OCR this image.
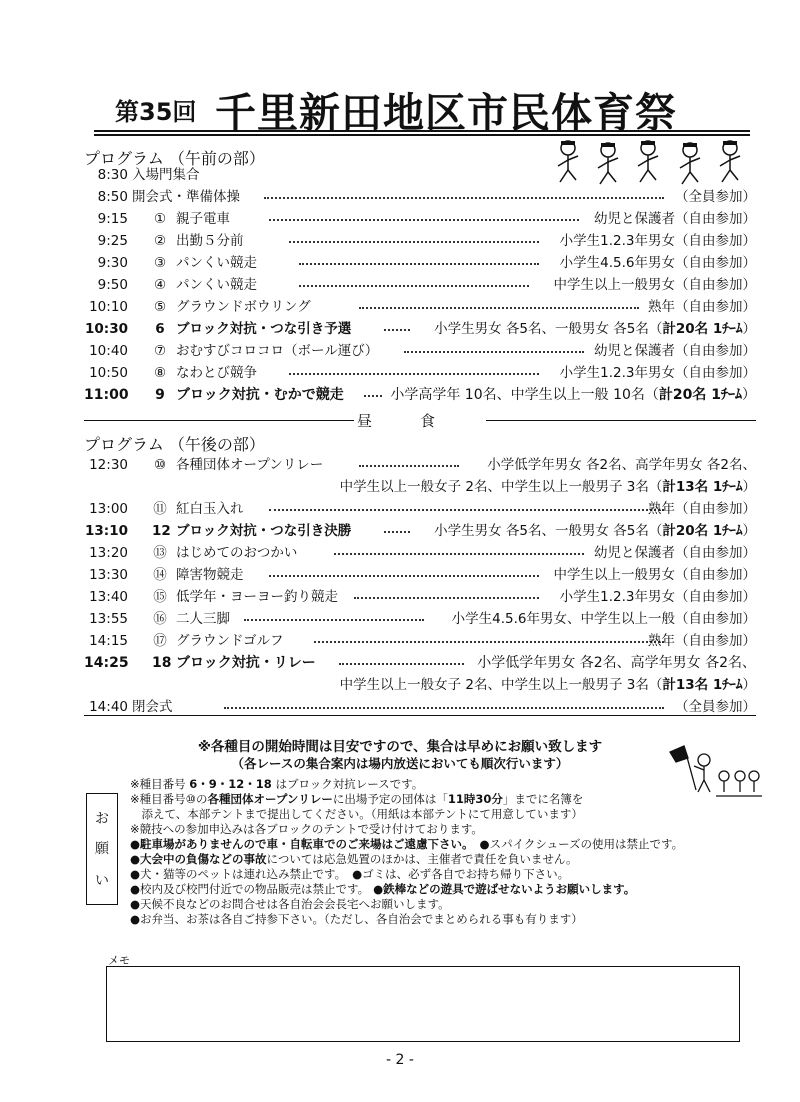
第35回 千里新田地区市民体育祭
プログラム （午前の部）
8:30 入場門集合
8:50 開会式・準備体操	（全員参加）
9:15 ① 親子電車	幼児と保護者（自由参加）
9:25 ② 出勤５分前	小学生1.2.3年男女（自由参加）
9:30 ③ パンくい競走	小学生4.5.6年男女（自由参加）
9:50 ④ パンくい競走	中学生以上一般男女（自由参加）
10:10 ⑤ グラウンドボウリング	熟年（自由参加）
10:30 6 ブロック対抗・つな引き予選	小学生男女 各5名、一般男女 各5名（計20名 1ﾁｰﾑ）
10:40 ⑦ おむすびコロコロ（ボール運び）	幼児と保護者（自由参加）
10:50 ⑧ なわとび競争	小学生1.2.3年男女（自由参加）
11:00 9 ブロック対抗・むかで競走	小学高学年 10名、中学生以上一般 10名（計20名 1ﾁｰﾑ）
昼食
プログラム （午後の部）
12:30 ⑩ 各種団体オープンリレー	小学低学年男女 各2名、高学年男女 各2名、
中学生以上一般女子 2名、中学生以上一般男子 3名（計13名 1ﾁｰﾑ）
13:00 ⑪ 紅白玉入れ	熟年（自由参加）
13:10 12 ブロック対抗・つな引き決勝	小学生男女 各5名、一般男女 各5名（計20名 1ﾁｰﾑ）
13:20 ⑬ はじめてのおつかい	幼児と保護者（自由参加）
13:30 ⑭ 障害物競走	中学生以上一般男女（自由参加）
13:40 ⑮ 低学年・ヨーヨー釣り競走	小学生1.2.3年男女（自由参加）
13:55 ⑯ 二人三脚	小学生4.5.6年男女、中学生以上一般（自由参加）
14:15 ⑰ グラウンドゴルフ	熟年（自由参加）
14:25 18 ブロック対抗・リレー	小学低学年男女 各2名、高学年男女 各2名、
中学生以上一般女子 2名、中学生以上一般男子 3名（計13名 1ﾁｰﾑ）
14:40 閉会式	（全員参加）
※各種目の開始時間は目安ですので、集合は早めにお願い致します
（各レースの集合案内は場内放送においても順次行います）
お
願
い
※種目番号 6・9・12・18 はブロック対抗レースです。
※種目番号⑩の各種団体オープンリレーに出場予定の団体は「11時30分」までに名簿を
　添えて、本部テントまで提出してください。（用紙は本部テントにて用意しています）
※競技への参加申込みは各ブロックのテントで受け付けております。
●駐車場がありませんので車・自転車でのご来場はご遠慮下さい。 ●スパイクシューズの使用は禁止です。
●大会中の負傷などの事故については応急処置のほかは、主催者で責任を負いません。
●犬・猫等のペットは連れ込み禁止です。 ●ゴミは、必ず各自でお持ち帰り下さい。
●校内及び校門付近での物品販売は禁止です。 ●鉄棒などの遊具で遊ばせないようお願いします。
●天候不良などのお問合せは各自治会会長宅へお願いします。
●お弁当、お茶は各自ご持参下さい。（ただし、各自治会でまとめられる事も有ります）
メモ
- 2 -
